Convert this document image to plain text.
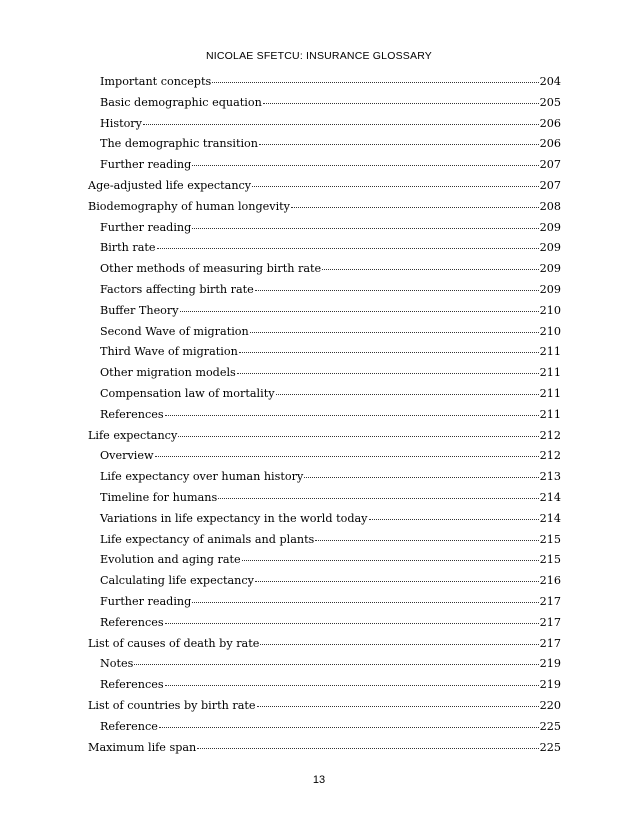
NICOLAE SFETCU: INSURANCE GLOSSARY
Important concepts	204
Basic demographic equation	205
History	206
The demographic transition	206
Further reading	207
Age-adjusted life expectancy	207
Biodemography of human longevity	208
Further reading	209
Birth rate	209
Other methods of measuring birth rate	209
Factors affecting birth rate	209
Buffer Theory	210
Second Wave of migration	210
Third Wave of migration	211
Other migration models	211
Compensation law of mortality	211
References	211
Life expectancy	212
Overview	212
Life expectancy over human history	213
Timeline for humans	214
Variations in life expectancy in the world today	214
Life expectancy of animals and plants	215
Evolution and aging rate	215
Calculating life expectancy	216
Further reading	217
References	217
List of causes of death by rate	217
Notes	219
References	219
List of countries by birth rate	220
Reference	225
Maximum life span	225
13
